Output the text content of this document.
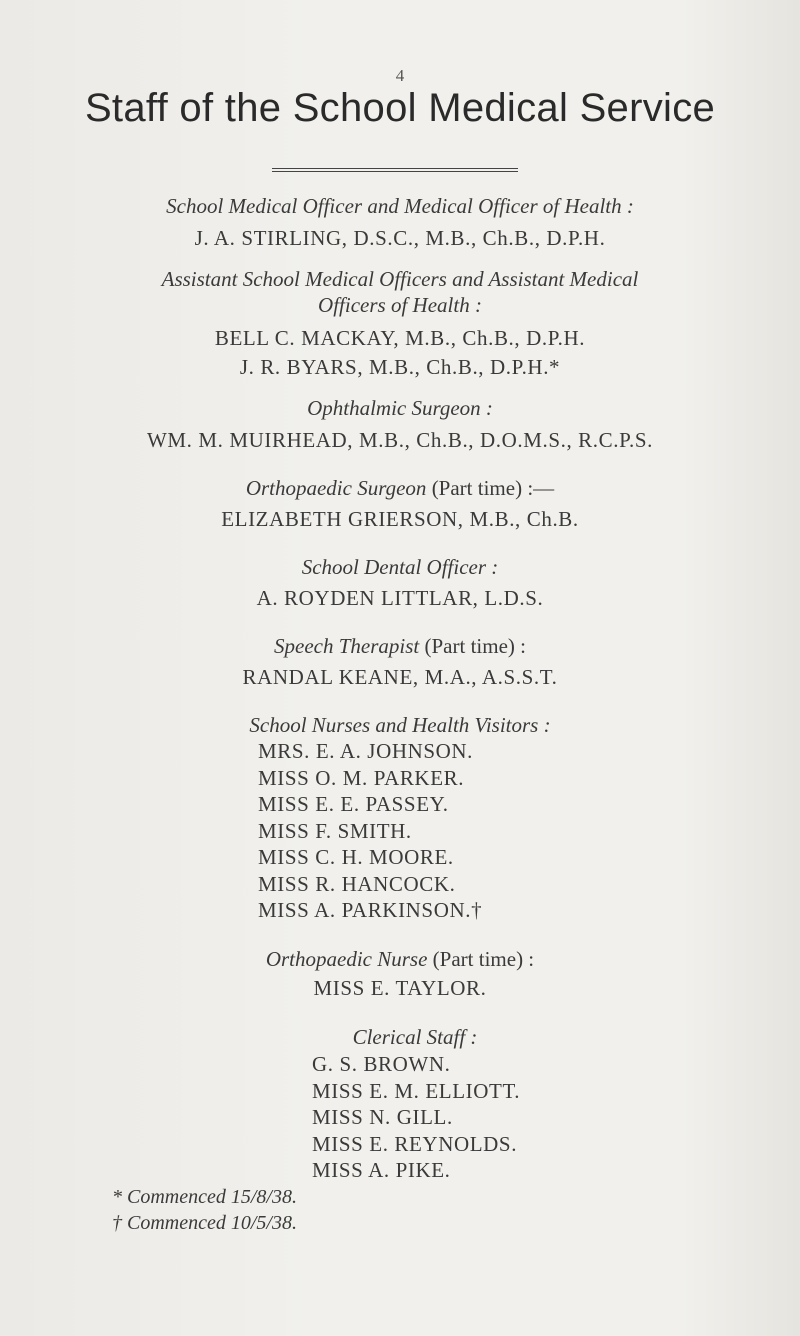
4
Staff of the School Medical Service
School Medical Officer and Medical Officer of Health :
J. A. STIRLING, D.S.C., M.B., Ch.B., D.P.H.
Assistant School Medical Officers and Assistant Medical
Officers of Health :
BELL C. MACKAY, M.B., Ch.B., D.P.H.
J. R. BYARS, M.B., Ch.B., D.P.H.*
Ophthalmic Surgeon :
WM. M. MUIRHEAD, M.B., Ch.B., D.O.M.S., R.C.P.S.
Orthopaedic Surgeon (Part time) :—
ELIZABETH GRIERSON, M.B., Ch.B.
School Dental Officer :
A. ROYDEN LITTLAR, L.D.S.
Speech Therapist (Part time) :
RANDAL KEANE, M.A., A.S.S.T.
School Nurses and Health Visitors :
MRS. E. A. JOHNSON.
MISS O. M. PARKER.
MISS E. E. PASSEY.
MISS F. SMITH.
MISS C. H. MOORE.
MISS R. HANCOCK.
MISS A. PARKINSON.†
Orthopaedic Nurse (Part time) :
MISS E. TAYLOR.
Clerical Staff :
G. S. BROWN.
MISS E. M. ELLIOTT.
MISS N. GILL.
MISS E. REYNOLDS.
MISS A. PIKE.
* Commenced 15/8/38.
† Commenced 10/5/38.
